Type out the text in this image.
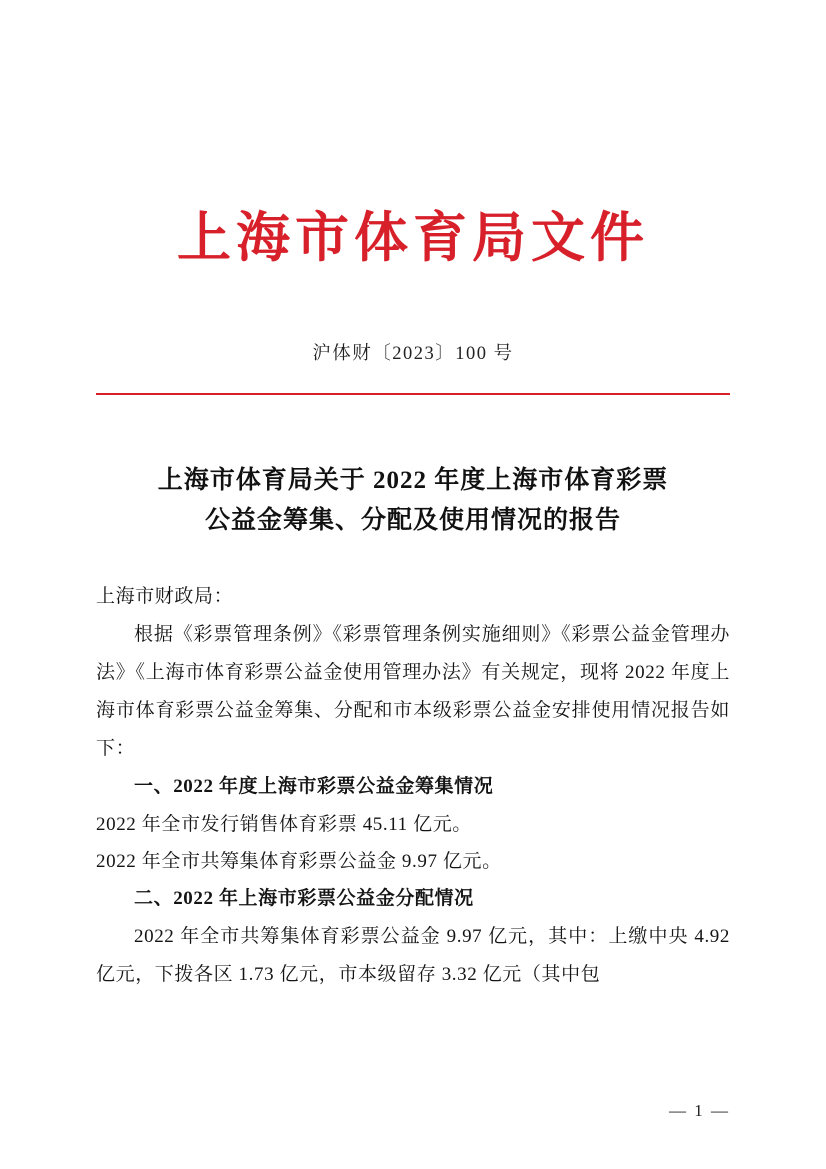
上海市体育局文件
沪体财〔2023〕100 号
上海市体育局关于 2022 年度上海市体育彩票
公益金筹集、分配及使用情况的报告
上海市财政局：
根据《彩票管理条例》《彩票管理条例实施细则》《彩票公益金管理办法》《上海市体育彩票公益金使用管理办法》有关规定，现将 2022 年度上海市体育彩票公益金筹集、分配和市本级彩票公益金安排使用情况报告如下：
一、2022 年度上海市彩票公益金筹集情况
2022 年全市发行销售体育彩票 45.11 亿元。
2022 年全市共筹集体育彩票公益金 9.97 亿元。
二、2022 年上海市彩票公益金分配情况
2022 年全市共筹集体育彩票公益金 9.97 亿元，其中：上缴中央 4.92 亿元，下拨各区 1.73 亿元，市本级留存 3.32 亿元（其中包
— 1 —
